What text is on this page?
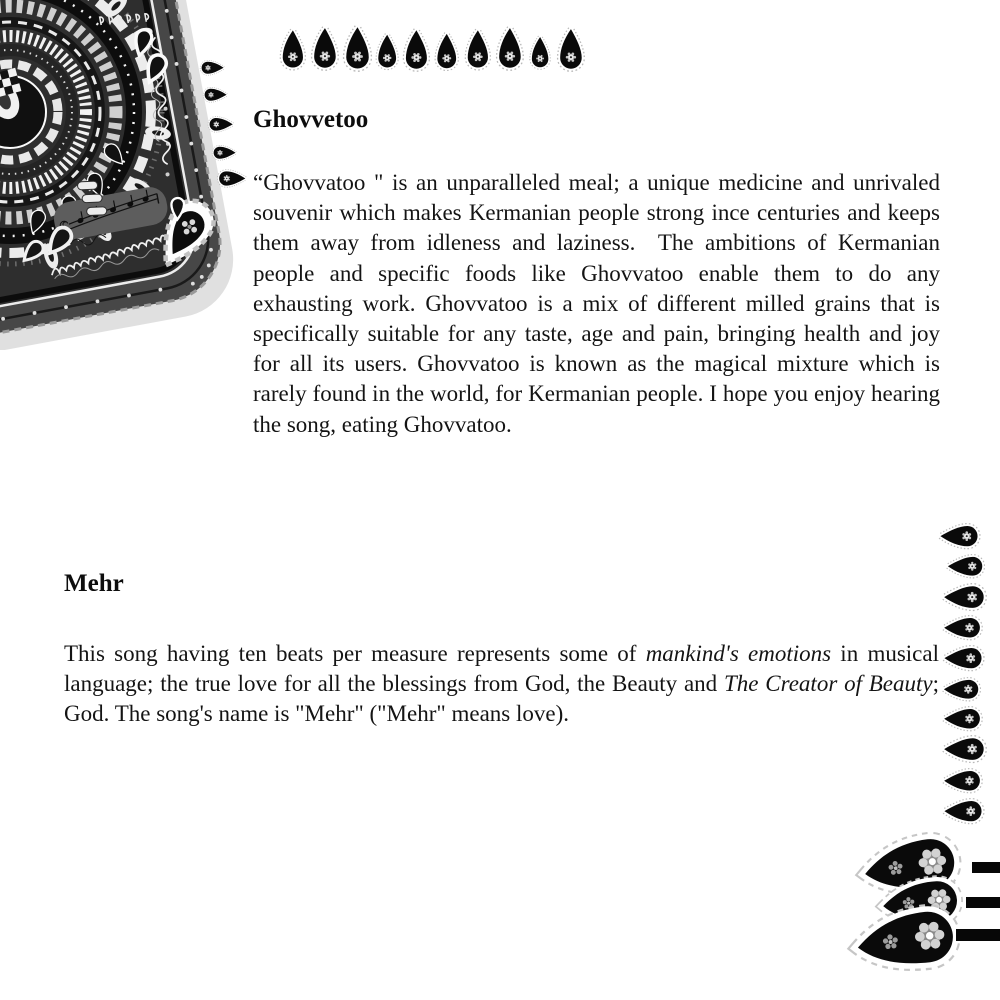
Ghovvetoo

“Ghovvatoo " is an unparalleled meal; a unique medicine and unrivaled souvenir which makes Kermanian people strong ince centuries and keeps them away from idleness and laziness.  The ambitions of Kermanian people and specific foods like Ghovvatoo enable them to do any exhausting work. Ghovvatoo is a mix of different milled grains that is specifically suitable for any taste, age and pain, bringing health and joy for all its users. Ghovvatoo is known as the magical mixture which is rarely found in the world, for Kermanian people. I hope you enjoy hearing the song, eating Ghovvatoo.

Mehr

This song having ten beats per measure represents some of mankind's emotions in musical language; the true love for all the blessings from God, the Beauty and The Creator of Beauty; God. The song's name is "Mehr" ("Mehr" means love).
